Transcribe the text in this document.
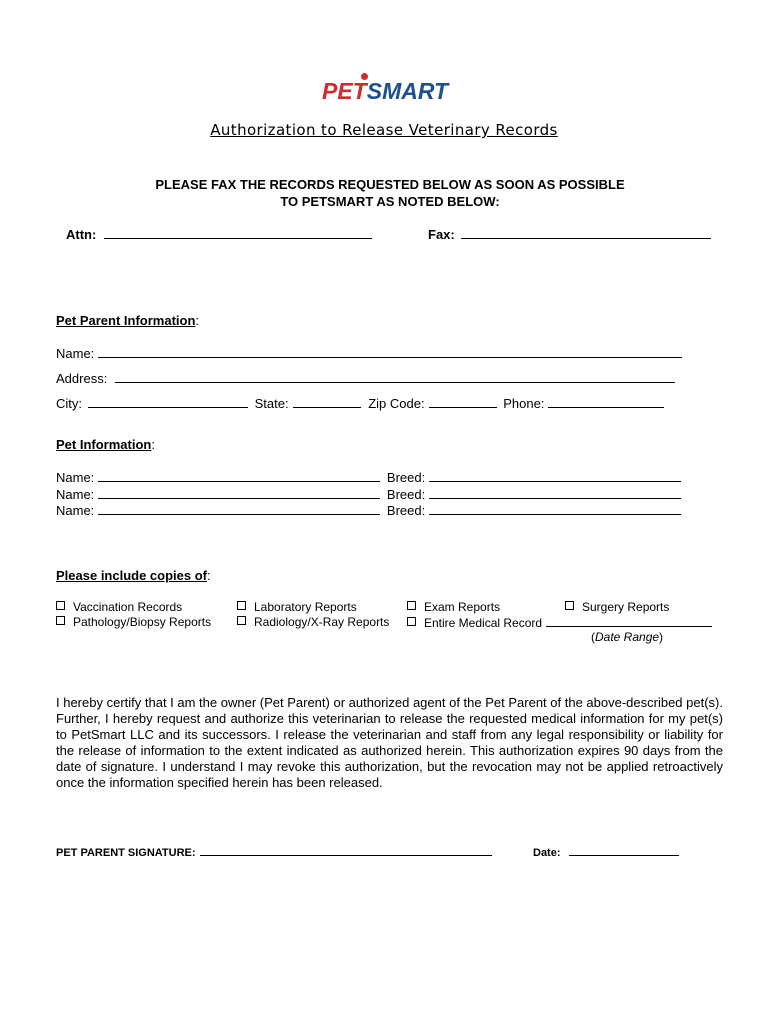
PETSMART
Authorization to Release Veterinary Records
PLEASE FAX THE RECORDS REQUESTED BELOW AS SOON AS POSSIBLE
TO PETSMART AS NOTED BELOW:
Attn:	Fax:
Pet Parent Information:
Name:
Address:
City:	State:	Zip Code:	Phone:
Pet Information:
Name:	Breed:
Name:	Breed:
Name:	Breed:
Please include copies of:
Vaccination Records	Laboratory Reports	Exam Reports	Surgery Reports
Pathology/Biopsy Reports	Radiology/X-Ray Reports	Entire Medical Record
(Date Range)
I hereby certify that I am the owner (Pet Parent) or authorized agent of the Pet Parent of the above-described pet(s). Further, I hereby request and authorize this veterinarian to release the requested medical information for my pet(s) to PetSmart LLC and its successors. I release the veterinarian and staff from any legal responsibility or liability for the release of information to the extent indicated as authorized herein. This authorization expires 90 days from the date of signature. I understand I may revoke this authorization, but the revocation may not be applied retroactively once the information specified herein has been released.
PET PARENT SIGNATURE:	Date:
